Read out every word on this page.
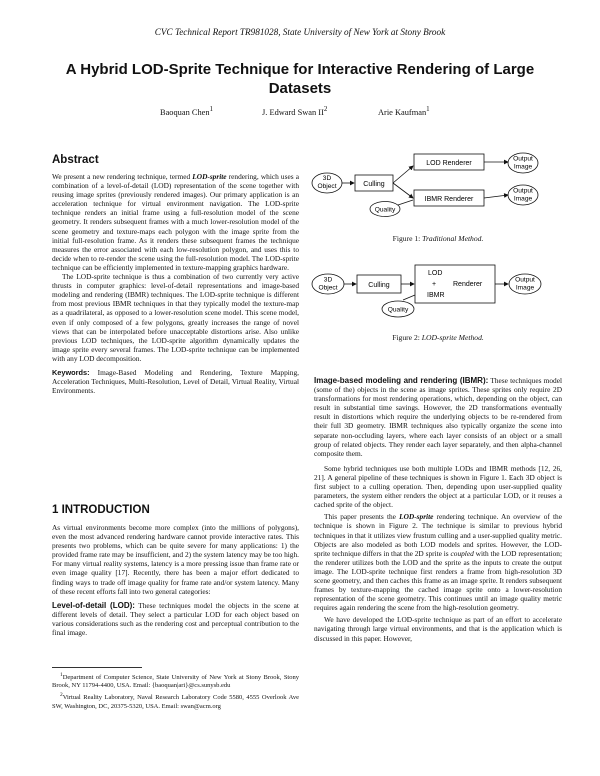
CVC Technical Report TR981028, State University of New York at Stony Brook
A Hybrid LOD-Sprite Technique for Interactive Rendering of Large Datasets
Baoquan Chen$^1$	J. Edward Swan $II^2$	Arie Kaufman$^1$
Abstract

We present a new rendering technique, termed LOD-sprite rendering, which uses a combination of a level-of-detail (LOD) representation of the scene together with reusing image sprites (previously rendered images). Our primary application is an acceleration technique for virtual environment navigation. The LOD-sprite technique renders an initial frame using a full-resolution model of the scene geometry. It renders subsequent frames with a much lower-resolution model of the scene geometry and texture-maps each polygon with the image sprite from the initial full-resolution frame. As it renders these subsequent frames the technique measures the error associated with each low-resolution polygon, and uses this to decide when to re-render the scene using the full-resolution model. The LOD-sprite technique can be efficiently implemented in texture-mapping graphics hardware.

The LOD-sprite technique is thus a combination of two currently very active thrusts in computer graphics: level-of-detail representations and image-based modeling and rendering (IBMR) techniques. The LOD-sprite technique is different from most previous IBMR techniques in that they typically model the texture-map as a quadrilateral, as opposed to a lower-resolution scene model. This scene model, even if only composed of a few polygons, greatly increases the range of novel views that can be interpolated before unacceptable distortions arise. Also unlike previous LOD techniques, the LOD-sprite algorithm dynamically updates the image sprite every several frames. The LOD-sprite technique can be implemented with any LOD decomposition.

Keywords: Image-Based Modeling and Rendering, Texture Mapping, Acceleration Techniques, Multi-Resolution, Level of Detail, Virtual Reality, Virtual Environments.

1 INTRODUCTION

As virtual environments become more complex (into the millions of polygons), even the most advanced rendering hardware cannot provide interactive rates. This presents two problems, which can be quite severe for many applications: 1) the provided frame rate may be insufficient, and 2) the system latency may be too high. For many virtual reality systems, latency is a more pressing issue than frame rate or even image quality [17]. Recently, there has been a major effort dedicated to finding ways to trade off image quality for frame rate and/or system latency. Many of these recent efforts fall into two general categories:

Level-of-detail (LOD): These techniques model the objects in the scene at different levels of detail. They select a particular LOD for each object based on various considerations such as the rendering cost and perceptual contribution to the final image.

$^1$Department of Computer Science, State University of New York at Stony Brook, Stony Brook, NY 11794-4400, USA. Email: {baoquan|ari}@cs.sunysb.edu
$^2$Virtual Reality Laboratory, Naval Research Laboratory Code 5580, 4555 Overlook Ave SW, Washington, DC, 20375-5320, USA. Email: swan@acm.org
3D
Object	Culling
LOD Renderer
IBMR Renderer
Quality
Output
Image
Output
Image
Figure 1: Traditional Method.
3D
Object	Culling
LOD
+ Renderer
IBMR
Quality
Output
Image
Figure 2: LOD-sprite Method.

Image-based modeling and rendering (IBMR): These techniques model (some of the) objects in the scene as image sprites. These sprites only require 2D transformations for most rendering operations, which, depending on the object, can result in substantial time savings. However, the 2D transformations eventually result in distortions which require the underlying objects to be re-rendered from their full 3D geometry. IBMR techniques also typically organize the scene into separate non-occluding layers, where each layer consists of an object or a small group of related objects. They render each layer separately, and then alpha-channel composite them.

Some hybrid techniques use both multiple LODs and IBMR methods [12, 26, 21]. A general pipeline of these techniques is shown in Figure 1. Each 3D object is first subject to a culling operation. Then, depending upon user-supplied quality parameters, the system either renders the object at a particular LOD, or it reuses a cached sprite of the object.

This paper presents the LOD-sprite rendering technique. An overview of the technique is shown in Figure 2. The technique is similar to previous hybrid techniques in that it utilizes view frustum culling and a user-supplied quality metric. Objects are also modeled as both LOD models and sprites. However, the LOD-sprite technique differs in that the 2D sprite is coupled with the LOD representation; the renderer utilizes both the LOD and the sprite as the inputs to create the output image. The LOD-sprite technique first renders a frame from high-resolution 3D scene geometry, and then caches this frame as an image sprite. It renders subsequent frames by texture-mapping the cached image sprite onto a lower-resolution representation of the scene geometry. This continues until an image quality metric requires again rendering the scene from the high-resolution geometry.

We have developed the LOD-sprite technique as part of an effort to accelerate navigating through large virtual environments, and that is the application which is discussed in this paper. However,
